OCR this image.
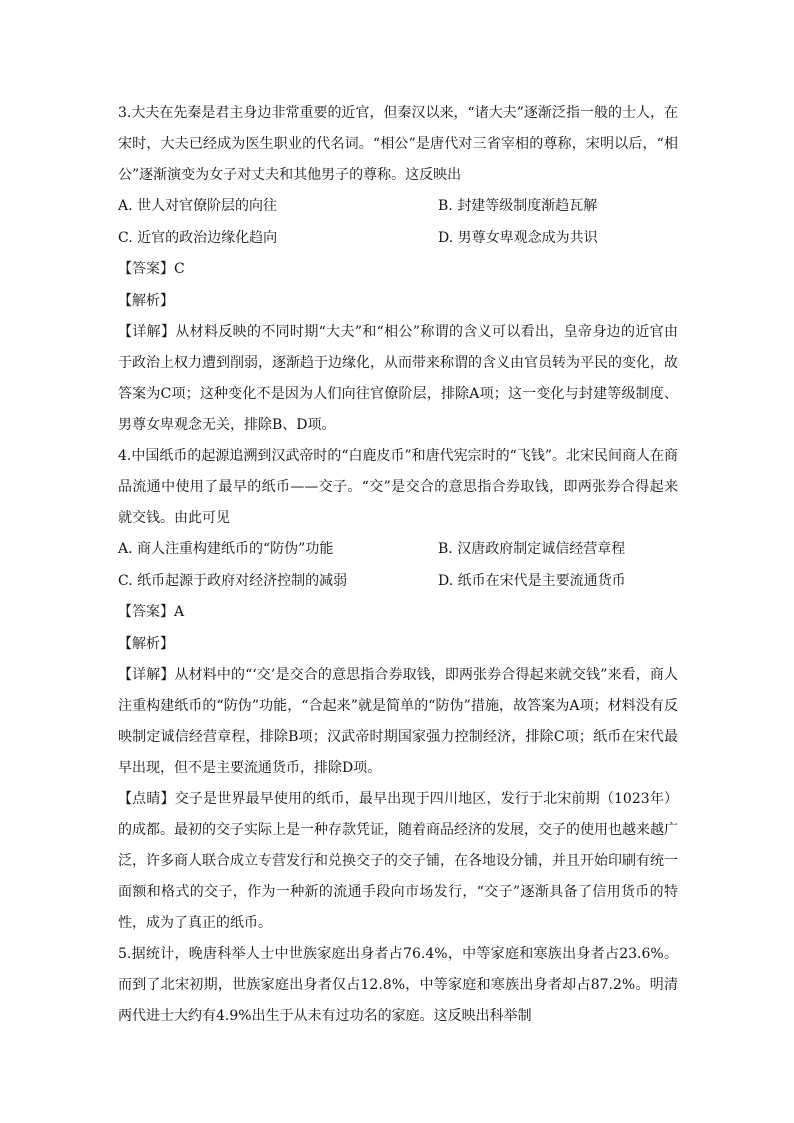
3.大夫在先秦是君主身边非常重要的近官，但秦汉以来，“诸大夫”逐渐泛指一般的士人，在宋时，大夫已经成为医生职业的代名词。“相公”是唐代对三省宰相的尊称，宋明以后，“相公”逐渐演变为女子对丈夫和其他男子的尊称。这反映出

A. 世人对官僚阶层的向往	B. 封建等级制度渐趋瓦解
C. 近官的政治边缘化趋向	D. 男尊女卑观念成为共识
【答案】C
【解析】

【详解】从材料反映的不同时期“大夫”和“相公”称谓的含义可以看出，皇帝身边的近官由于政治上权力遭到削弱，逐渐趋于边缘化，从而带来称谓的含义由官员转为平民的变化，故答案为C项；这种变化不是因为人们向往官僚阶层，排除A项；这一变化与封建等级制度、男尊女卑观念无关，排除B、D项。

4.中国纸币的起源追溯到汉武帝时的“白鹿皮币”和唐代宪宗时的“飞钱”。北宋民间商人在商品流通中使用了最早的纸币——交子。“交”是交合的意思指合券取钱，即两张券合得起来就交钱。由此可见

A. 商人注重构建纸币的“防伪”功能	B. 汉唐政府制定诚信经营章程
C. 纸币起源于政府对经济控制的减弱	D. 纸币在宋代是主要流通货币
【答案】A
【解析】

【详解】从材料中的“‘交’是交合的意思指合券取钱，即两张券合得起来就交钱”来看，商人注重构建纸币的“防伪”功能，“合起来”就是简单的“防伪”措施，故答案为A项；材料没有反映制定诚信经营章程，排除B项；汉武帝时期国家强力控制经济，排除C项；纸币在宋代最早出现，但不是主要流通货币，排除D项。

【点睛】交子是世界最早使用的纸币，最早出现于四川地区，发行于北宋前期（1023年）的成都。最初的交子实际上是一种存款凭证，随着商品经济的发展，交子的使用也越来越广泛，许多商人联合成立专营发行和兑换交子的交子铺，在各地设分铺，并且开始印刷有统一面额和格式的交子，作为一种新的流通手段向市场发行，“交子”逐渐具备了信用货币的特性，成为了真正的纸币。

5.据统计，晚唐科举人士中世族家庭出身者占76.4%，中等家庭和寒族出身者占23.6%。而到了北宋初期，世族家庭出身者仅占12.8%，中等家庭和寒族出身者却占87.2%。明清两代进士大约有4.9%出生于从未有过功名的家庭。这反映出科举制
